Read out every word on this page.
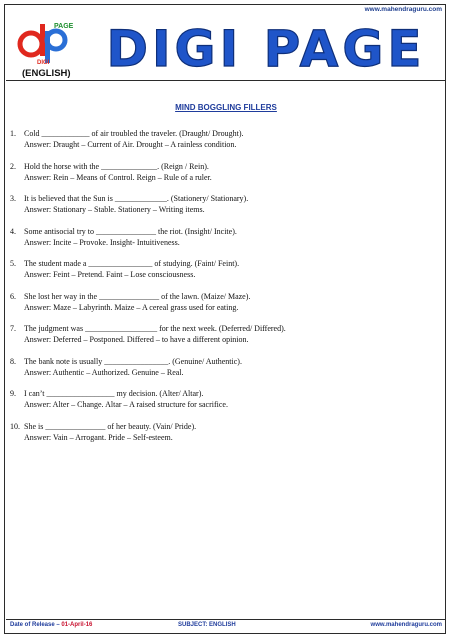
www.mahendraguru.com
PAGE
DIGI DIGI PAGE
(ENGLISH)
MIND BOGGLING FILLERS
1.	Cold ____________ of air troubled the traveler. (Draught/ Drought).
Answer: Draught – Current of Air. Drought – A rainless condition.
2.	Hold the horse with the ______________. (Reign / Rein).
Answer: Rein – Means of Control. Reign – Rule of a ruler.
3.	It is believed that the Sun is _____________. (Stationery/ Stationary).
Answer: Stationary – Stable. Stationery – Writing items.
4.	Some antisocial try to _______________ the riot. (Insight/ Incite).
Answer: Incite – Provoke. Insight- Intuitiveness.
5.	The student made a ________________ of studying. (Faint/ Feint).
Answer: Feint – Pretend. Faint – Lose consciousness.
6.	She lost her way in the _______________ of the lawn. (Maize/ Maze).
Answer: Maze – Labyrinth. Maize – A cereal grass used for eating.
7.	The judgment was __________________ for the next week. (Deferred/ Differed).
Answer: Deferred – Postponed. Differed – to have a different opinion.
8.	The bank note is usually ________________. (Genuine/ Authentic).
Answer: Authentic – Authorized. Genuine – Real.
9.	I can’t _________________ my decision. (Alter/ Altar).
Answer: Alter – Change. Altar – A raised structure for sacrifice.
10. She is _______________ of her beauty. (Vain/ Pride).
Answer: Vain – Arrogant. Pride – Self-esteem.
Date of Release – 01-April-16	SUBJECT: ENGLISH	www.mahendraguru.com
